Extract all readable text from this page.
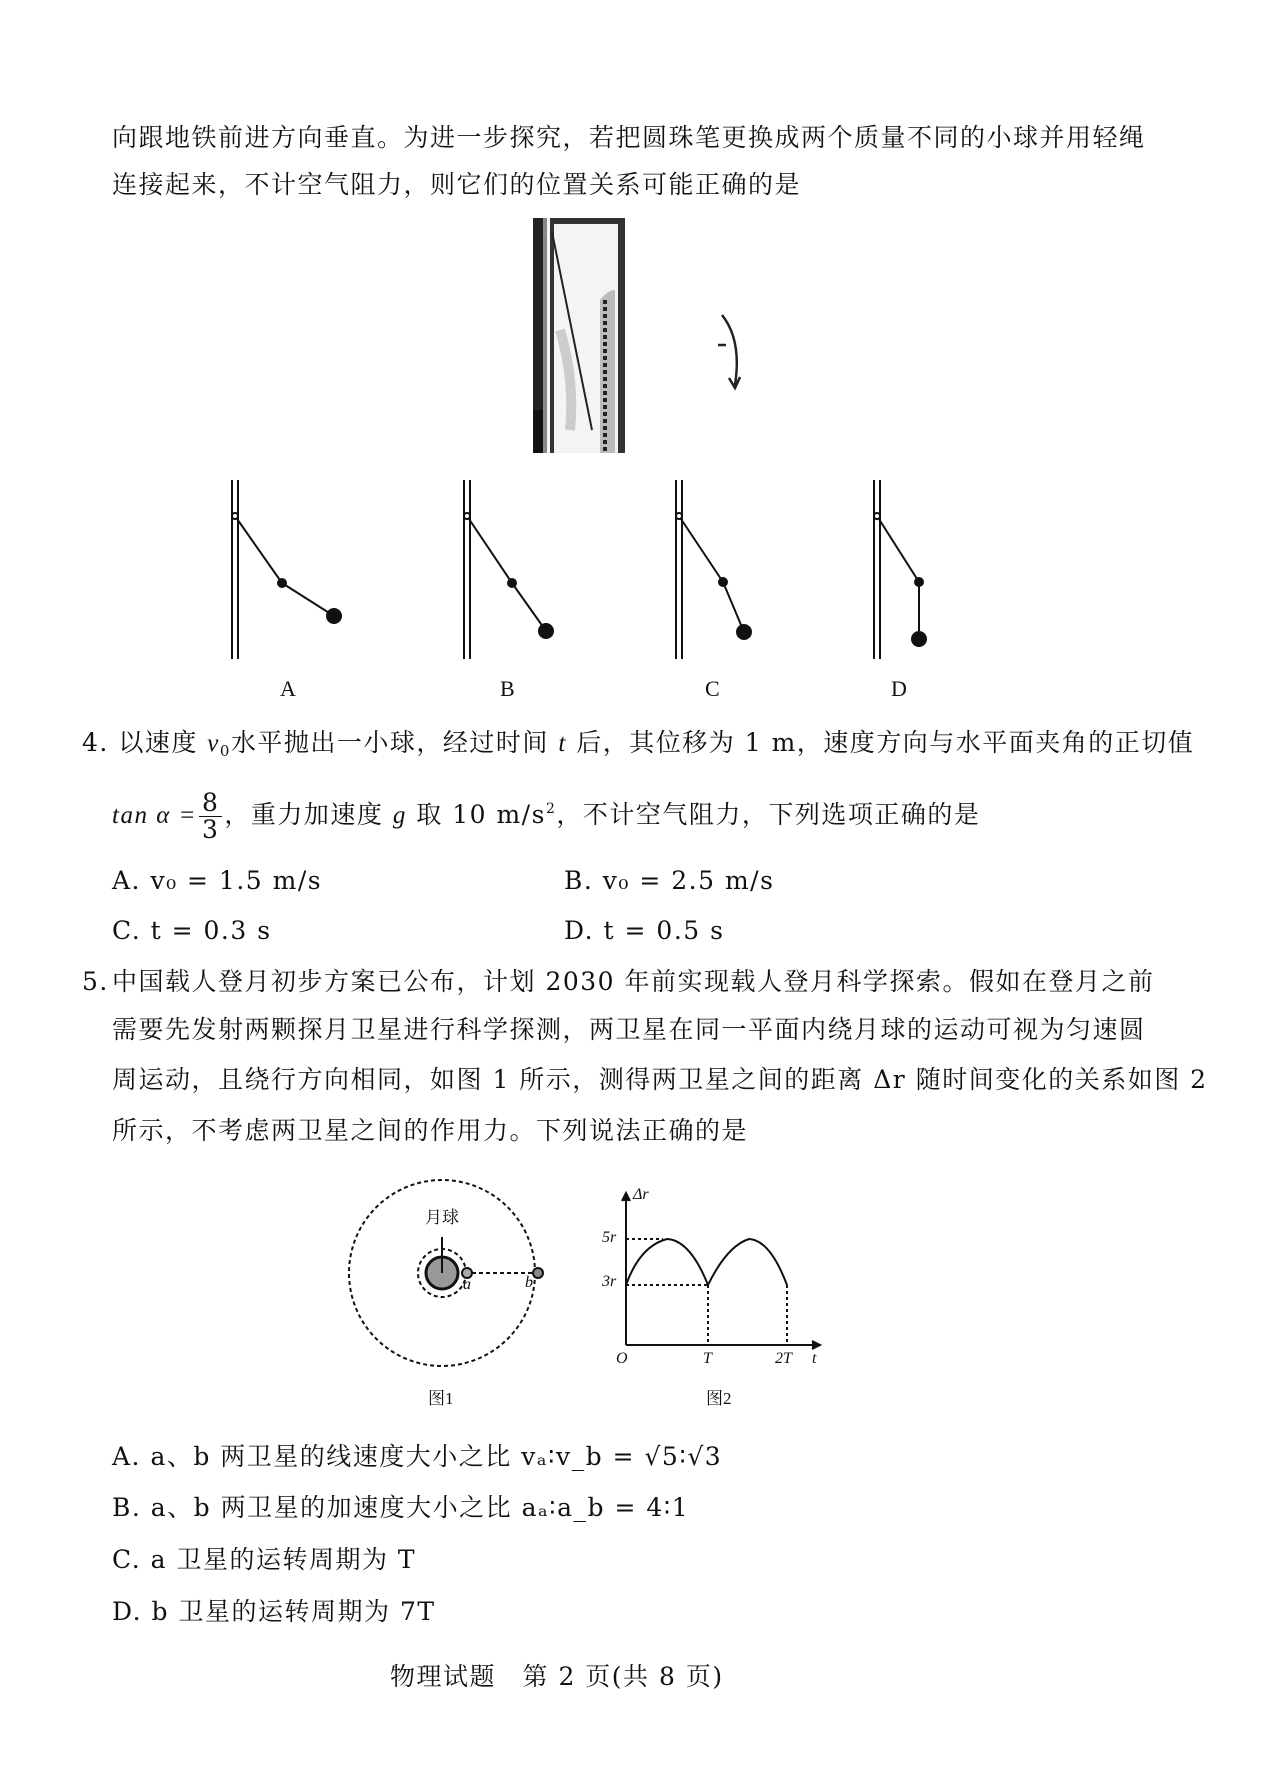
向跟地铁前进方向垂直。为进一步探究，若把圆珠笔更换成两个质量不同的小球并用轻绳
连接起来，不计空气阻力，则它们的位置关系可能正确的是
A	B	C	D
4. 以速度 $v_0$水平抛出一小球，经过时间 t 后，其位移为 1 m，速度方向与水平面夹角的正切值
$\tan \alpha = \frac{8}{3}$ ，重力加速度 g 取 10 $m/s^2$，不计空气阻力，下列选项正确的是
A. v₀ = 1.5 m/s	B. v₀ = 2.5 m/s
C. t = 0.3 s	D. t = 0.5 s
5. 中国载人登月初步方案已公布，计划 2030 年前实现载人登月科学探索。假如在登月之前
需要先发射两颗探月卫星进行科学探测，两卫星在同一平面内绕月球的运动可视为匀速圆
周运动，且绕行方向相同，如图 1 所示，测得两卫星之间的距离 Δr 随时间变化的关系如图 2
所示，不考虑两卫星之间的作用力。下列说法正确的是
月球
a	b
图1
Δr
5r
3r
O	T	2T t
图2
A. a、b 两卫星的线速度大小之比 vₐ∶v_b = √5∶√3
B. a、b 两卫星的加速度大小之比 aₐ∶a_b = 4∶1
C. a 卫星的运转周期为 T
D. b 卫星的运转周期为 7T
物理试题　第 2 页(共 8 页)
